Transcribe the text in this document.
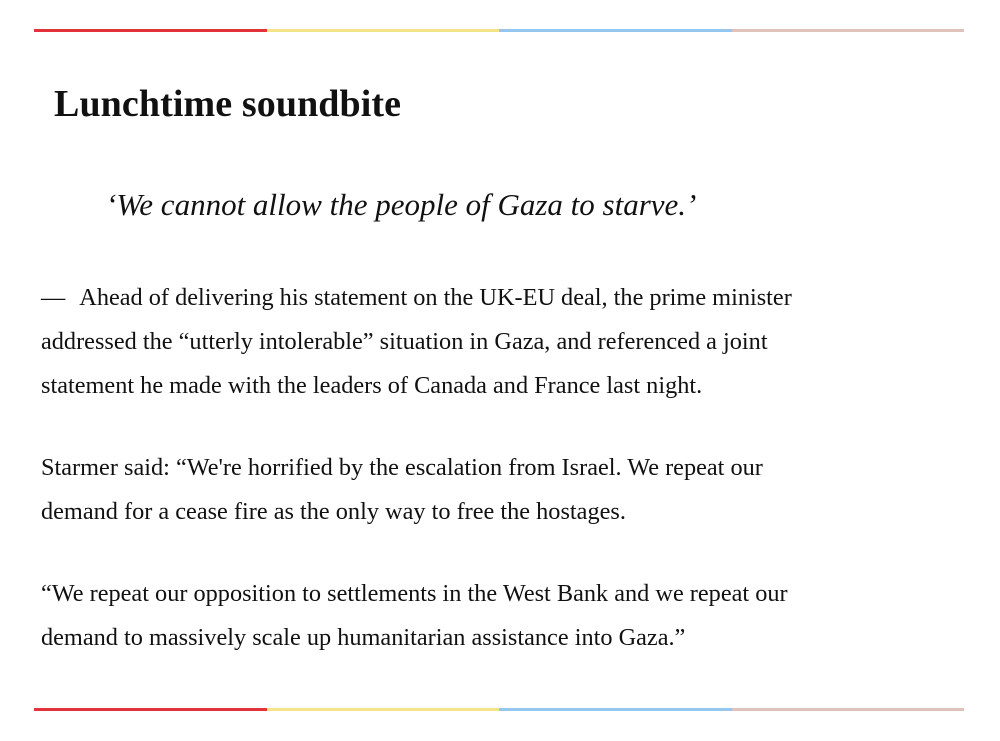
Lunchtime soundbite

‘We cannot allow the people of Gaza to starve.’

— Ahead of delivering his statement on the UK-EU deal, the prime minister
addressed the “utterly intolerable” situation in Gaza, and referenced a joint
statement he made with the leaders of Canada and France last night.

Starmer said: “We're horrified by the escalation from Israel. We repeat our
demand for a cease fire as the only way to free the hostages.

“We repeat our opposition to settlements in the West Bank and we repeat our
demand to massively scale up humanitarian assistance into Gaza.”
